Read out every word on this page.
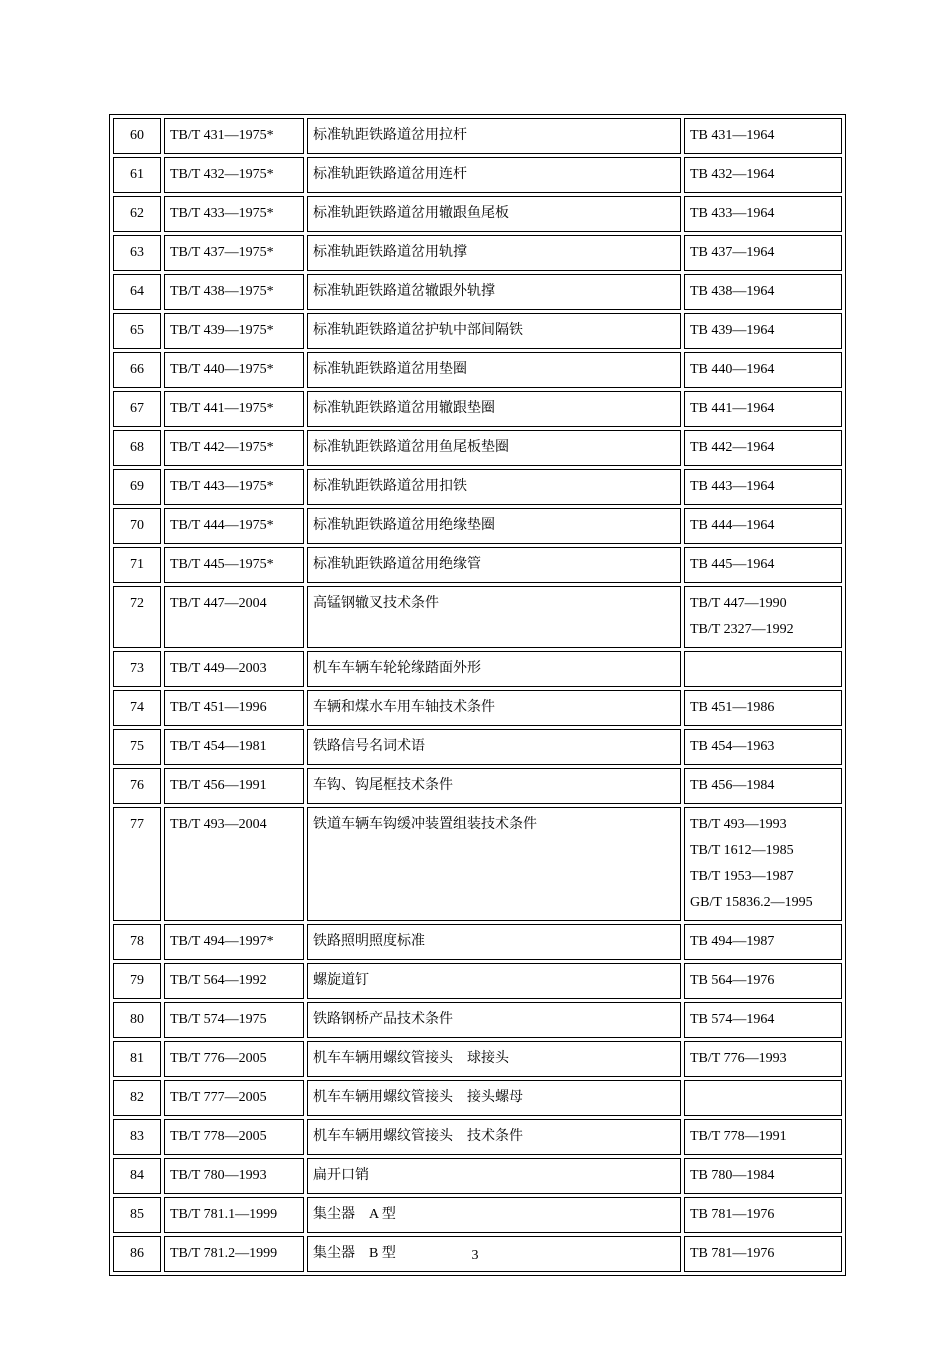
60	TB/T 431—1975*	标准轨距铁路道岔用拉杆	TB 431—1964

61	TB/T 432—1975*	标准轨距铁路道岔用连杆	TB 432—1964

62	TB/T 433—1975*	标准轨距铁路道岔用辙跟鱼尾板	TB 433—1964

63	TB/T 437—1975*	标准轨距铁路道岔用轨撑	TB 437—1964

64	TB/T 438—1975*	标准轨距铁路道岔辙跟外轨撑	TB 438—1964

65	TB/T 439—1975*	标准轨距铁路道岔护轨中部间隔铁	TB 439—1964

66	TB/T 440—1975*	标准轨距铁路道岔用垫圈	TB 440—1964

67	TB/T 441—1975*	标准轨距铁路道岔用辙跟垫圈	TB 441—1964

68	TB/T 442—1975*	标准轨距铁路道岔用鱼尾板垫圈	TB 442—1964

69	TB/T 443—1975*	标准轨距铁路道岔用扣铁	TB 443—1964

70	TB/T 444—1975*	标准轨距铁路道岔用绝缘垫圈	TB 444—1964

71	TB/T 445—1975*	标准轨距铁路道岔用绝缘管	TB 445—1964

72	TB/T 447—2004	高锰钢辙叉技术条件	TB/T 447—1990
TB/T 2327—1992

73	TB/T 449—2003	机车车辆车轮轮缘踏面外形	
74	TB/T 451—1996	车辆和煤水车用车轴技术条件	TB 451—1986

75	TB/T 454—1981	铁路信号名词术语	TB 454—1963

76	TB/T 456—1991	车钩、钩尾框技术条件	TB 456—1984

77	TB/T 493—2004	铁道车辆车钩缓冲装置组装技术条件	TB/T 493—1993
TB/T 1612—1985
TB/T 1953—1987
GB/T 15836.2—1995

78	TB/T 494—1997*	铁路照明照度标准	TB 494—1987

79	TB/T 564—1992	螺旋道钉	TB 564—1976

80	TB/T 574—1975	铁路钢桥产品技术条件	TB 574—1964

81	TB/T 776—2005	机车车辆用螺纹管接头　球接头	TB/T 776—1993

82	TB/T 777—2005	机车车辆用螺纹管接头　接头螺母	
83	TB/T 778—2005	机车车辆用螺纹管接头　技术条件	TB/T 778—1991

84	TB/T 780—1993	扁开口销	TB 780—1984

85	TB/T 781.1—1999	集尘器　A 型	TB 781—1976

86	TB/T 781.2—1999	集尘器　B 型	TB 781—1976
3
